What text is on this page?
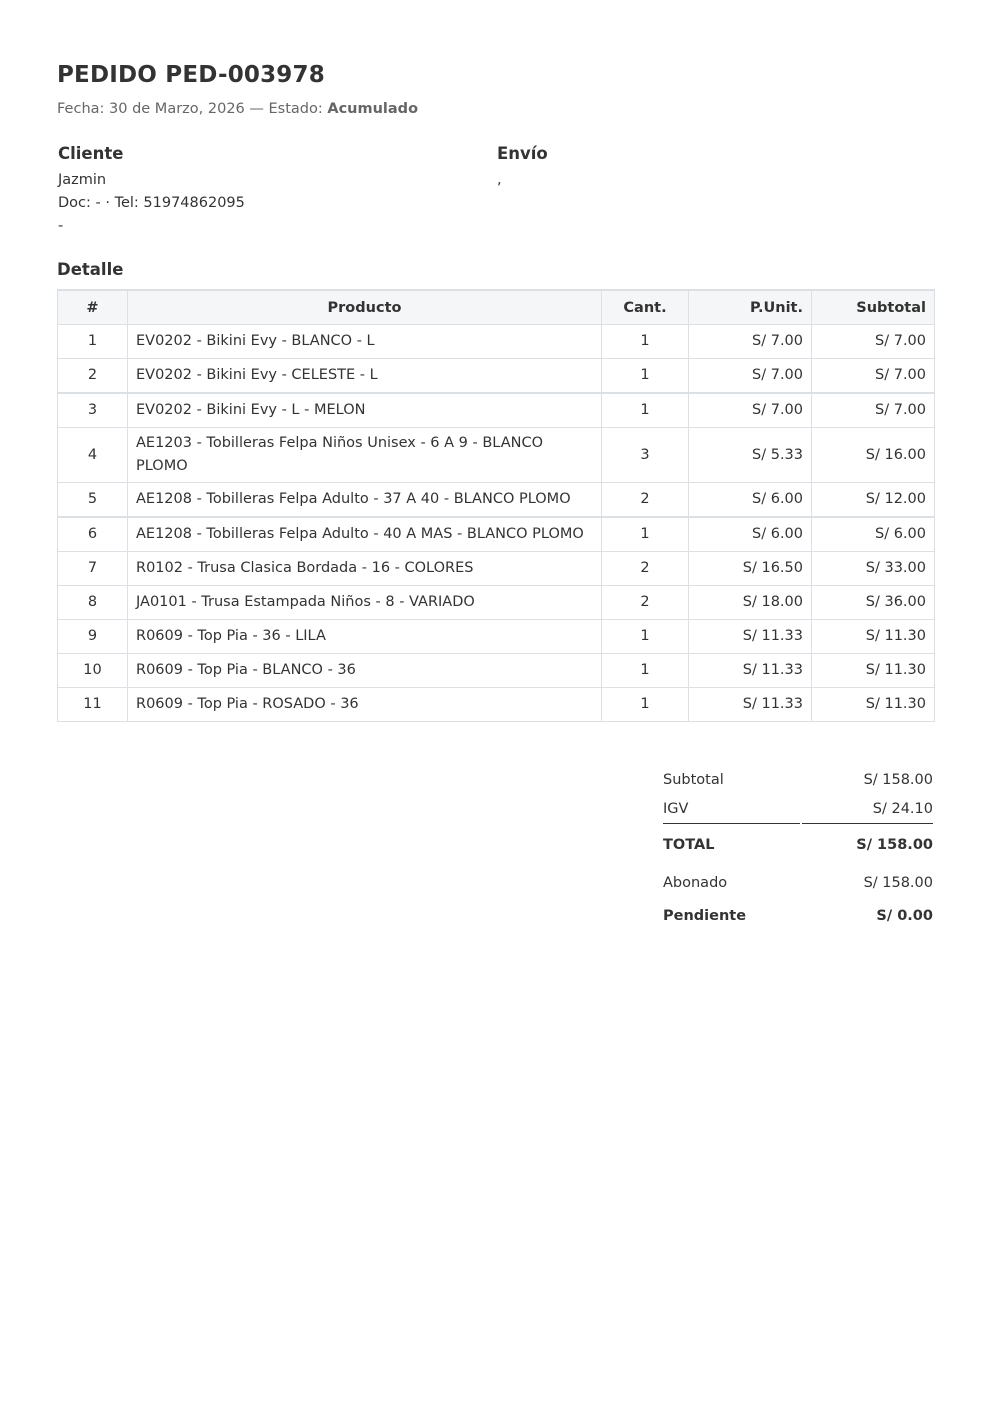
PEDIDO PED-003978
Fecha: 30 de Marzo, 2026 — Estado: Acumulado
Cliente
Jazmin
Doc: - · Tel: 51974862095
-
Envío
,
Detalle
#	Producto	Cant.	P.Unit.	Subtotal
1	EV0202 - Bikini Evy - BLANCO - L	1	S/ 7.00	S/ 7.00
2	EV0202 - Bikini Evy - CELESTE - L	1	S/ 7.00	S/ 7.00
3	EV0202 - Bikini Evy - L - MELON	1	S/ 7.00	S/ 7.00
4	AE1203 - Tobilleras Felpa Niños Unisex - 6 A 9 - BLANCO PLOMO	3	S/ 5.33	S/ 16.00
5	AE1208 - Tobilleras Felpa Adulto - 37 A 40 - BLANCO PLOMO	2	S/ 6.00	S/ 12.00
6	AE1208 - Tobilleras Felpa Adulto - 40 A MAS - BLANCO PLOMO	1	S/ 6.00	S/ 6.00
7	R0102 - Trusa Clasica Bordada - 16 - COLORES	2	S/ 16.50	S/ 33.00
8	JA0101 - Trusa Estampada Niños - 8 - VARIADO	2	S/ 18.00	S/ 36.00
9	R0609 - Top Pia - 36 - LILA	1	S/ 11.33	S/ 11.30
10	R0609 - Top Pia - BLANCO - 36	1	S/ 11.33	S/ 11.30
11	R0609 - Top Pia - ROSADO - 36	1	S/ 11.33	S/ 11.30
Subtotal	S/ 158.00
IGV	S/ 24.10
TOTAL	S/ 158.00
Abonado	S/ 158.00
Pendiente	S/ 0.00
